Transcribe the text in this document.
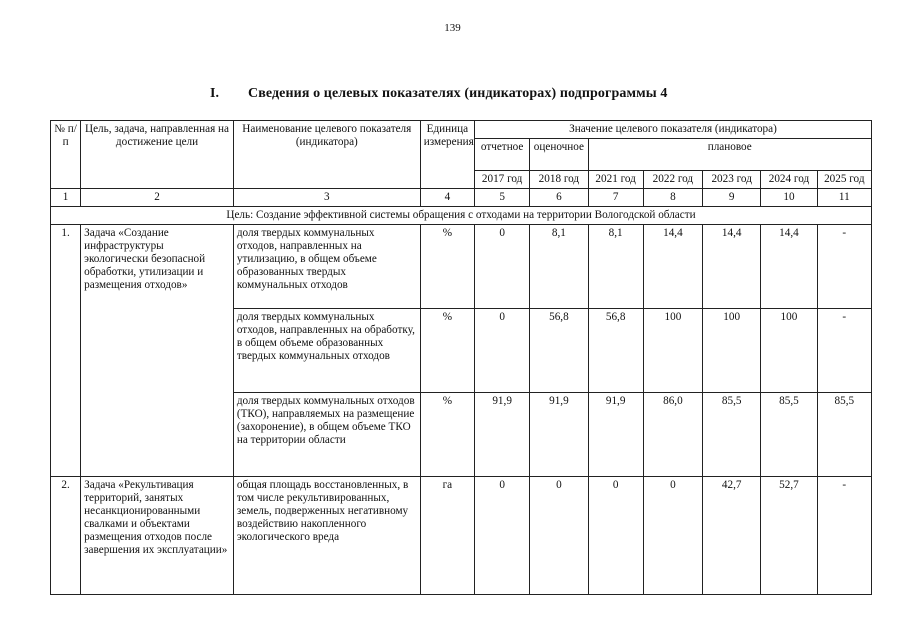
139
I. Сведения о целевых показателях (индикаторах) подпрограммы 4
№ п/п	Цель, задача, направленная на достижение цели	Наименование целевого показателя (индикатора)	Единица измерения	Значение целевого показателя (индикатора)						
				отчетное	оценочное	плановое				
				2017 год	2018 год	2021 год	2022 год	2023 год	2024 год	2025 год
1	2	3	4	5	6	7	8	9	10	11
Цель: Создание эффективной системы обращения с отходами на территории Вологодской области										
1.	Задача «Создание инфраструктуры экологически безопасной обработки, утилизации и размещения отходов»	доля твердых коммунальных отходов, направленных на утилизацию, в общем объеме образованных твердых коммунальных отходов	%	0	8,1	8,1	14,4	14,4	14,4	-
		доля твердых коммунальных отходов, направленных на обработку, в общем объеме образованных твердых коммунальных отходов	%	0	56,8	56,8	100	100	100	-
		доля твердых коммунальных отходов (ТКО), направляемых на размещение (захоронение), в общем объеме ТКО на территории области	%	91,9	91,9	91,9	86,0	85,5	85,5	85,5
2.	Задача «Рекультивация территорий, занятых несанкционированными свалками и объектами размещения отходов после завершения их эксплуатации»	общая площадь восстановленных, в том числе рекультивированных, земель, подверженных негативному воздействию накопленного экологического вреда	га	0	0	0	0	42,7	52,7	-
